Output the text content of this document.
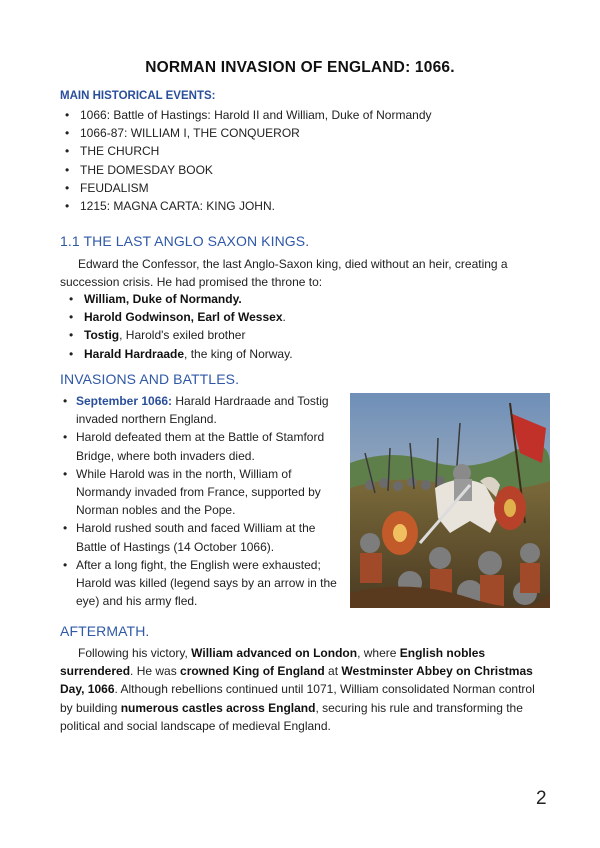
NORMAN INVASION OF ENGLAND: 1066.
MAIN HISTORICAL EVENTS:
• 1066: Battle of Hastings: Harold II and William, Duke of Normandy
• 1066-87: WILLIAM I, THE CONQUEROR
• THE CHURCH
• THE DOMESDAY BOOK
• FEUDALISM
• 1215: MAGNA CARTA: KING JOHN.
1.1 THE LAST ANGLO SAXON KINGS.
Edward the Confessor, the last Anglo-Saxon king, died without an heir, creating a succession crisis. He had promised the throne to:
• William, Duke of Normandy.
• Harold Godwinson, Earl of Wessex.
• Tostig, Harold's exiled brother
• Harald Hardraade, the king of Norway.
INVASIONS AND BATTLES.
• September 1066: Harald Hardraade and Tostig invaded northern England.
• Harold defeated them at the Battle of Stamford Bridge, where both invaders died.
• While Harold was in the north, William of Normandy invaded from France, supported by Norman nobles and the Pope.
• Harold rushed south and faced William at the Battle of Hastings (14 October 1066).
• After a long fight, the English were exhausted; Harold was killed (legend says by an arrow in the eye) and his army fled.
AFTERMATH.
Following his victory, William advanced on London, where English nobles surrendered. He was crowned King of England at Westminster Abbey on Christmas Day, 1066. Although rebellions continued until 1071, William consolidated Norman control by building numerous castles across England, securing his rule and transforming the political and social landscape of medieval England.
2
